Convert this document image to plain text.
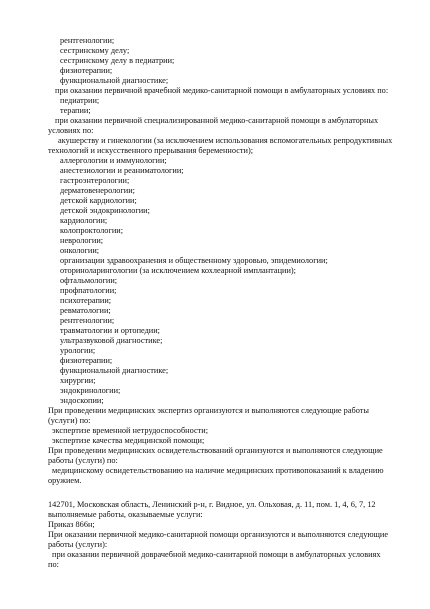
рентгенологии;
сестринскому делу;
сестринскому делу в педиатрии;
физиотерапии;
функциональной диагностике;
при оказании первичной врачебной медико-санитарной помощи в амбулаторных условиях по:
педиатрии;
терапии;
при оказании первичной специализированной медико-санитарной помощи в амбулаторных
условиях по:
акушерству и гинекологии (за исключением использования вспомогательных репродуктивных
технологий и искусственного прерывания беременности);
аллергологии и иммунологии;
анестезиологии и реаниматологии;
гастроэнтерологии;
дерматовенерологии;
детской кардиологии;
детской эндокринологии;
кардиологии;
колопроктологии;
неврологии;
онкологии;
организации здравоохранения и общественному здоровью, эпидемиологии;
оториноларингологии (за исключением кохлеарной имплантации);
офтальмологии;
профпатологии;
психотерапии;
ревматологии;
рентгенологии;
травматологии и ортопедии;
ультразвуковой диагностике;
урологии;
физиотерапии;
функциональной диагностике;
хирургии;
эндокринологии;
эндоскопии;
При проведении медицинских экспертиз организуются и выполняются следующие работы
(услуги) по:
экспертизе временной нетрудоспособности;
экспертизе качества медицинской помощи;
При проведении медицинских освидетельствований организуются и выполняются следующие
работы (услуги) по:
медицинскому освидетельствованию на наличие медицинских противопоказаний к владению
оружием.
142701, Московская область, Ленинский р-н, г. Видное, ул. Ольховая, д. 11, пом. 1, 4, 6, 7, 12
выполняемые работы, оказываемые услуги:
Приказ 866н;
При оказании первичной медико-санитарной помощи организуются и выполняются следующие
работы (услуги):
при оказании первичной доврачебной медико-санитарной помощи в амбулаторных условиях
по:
